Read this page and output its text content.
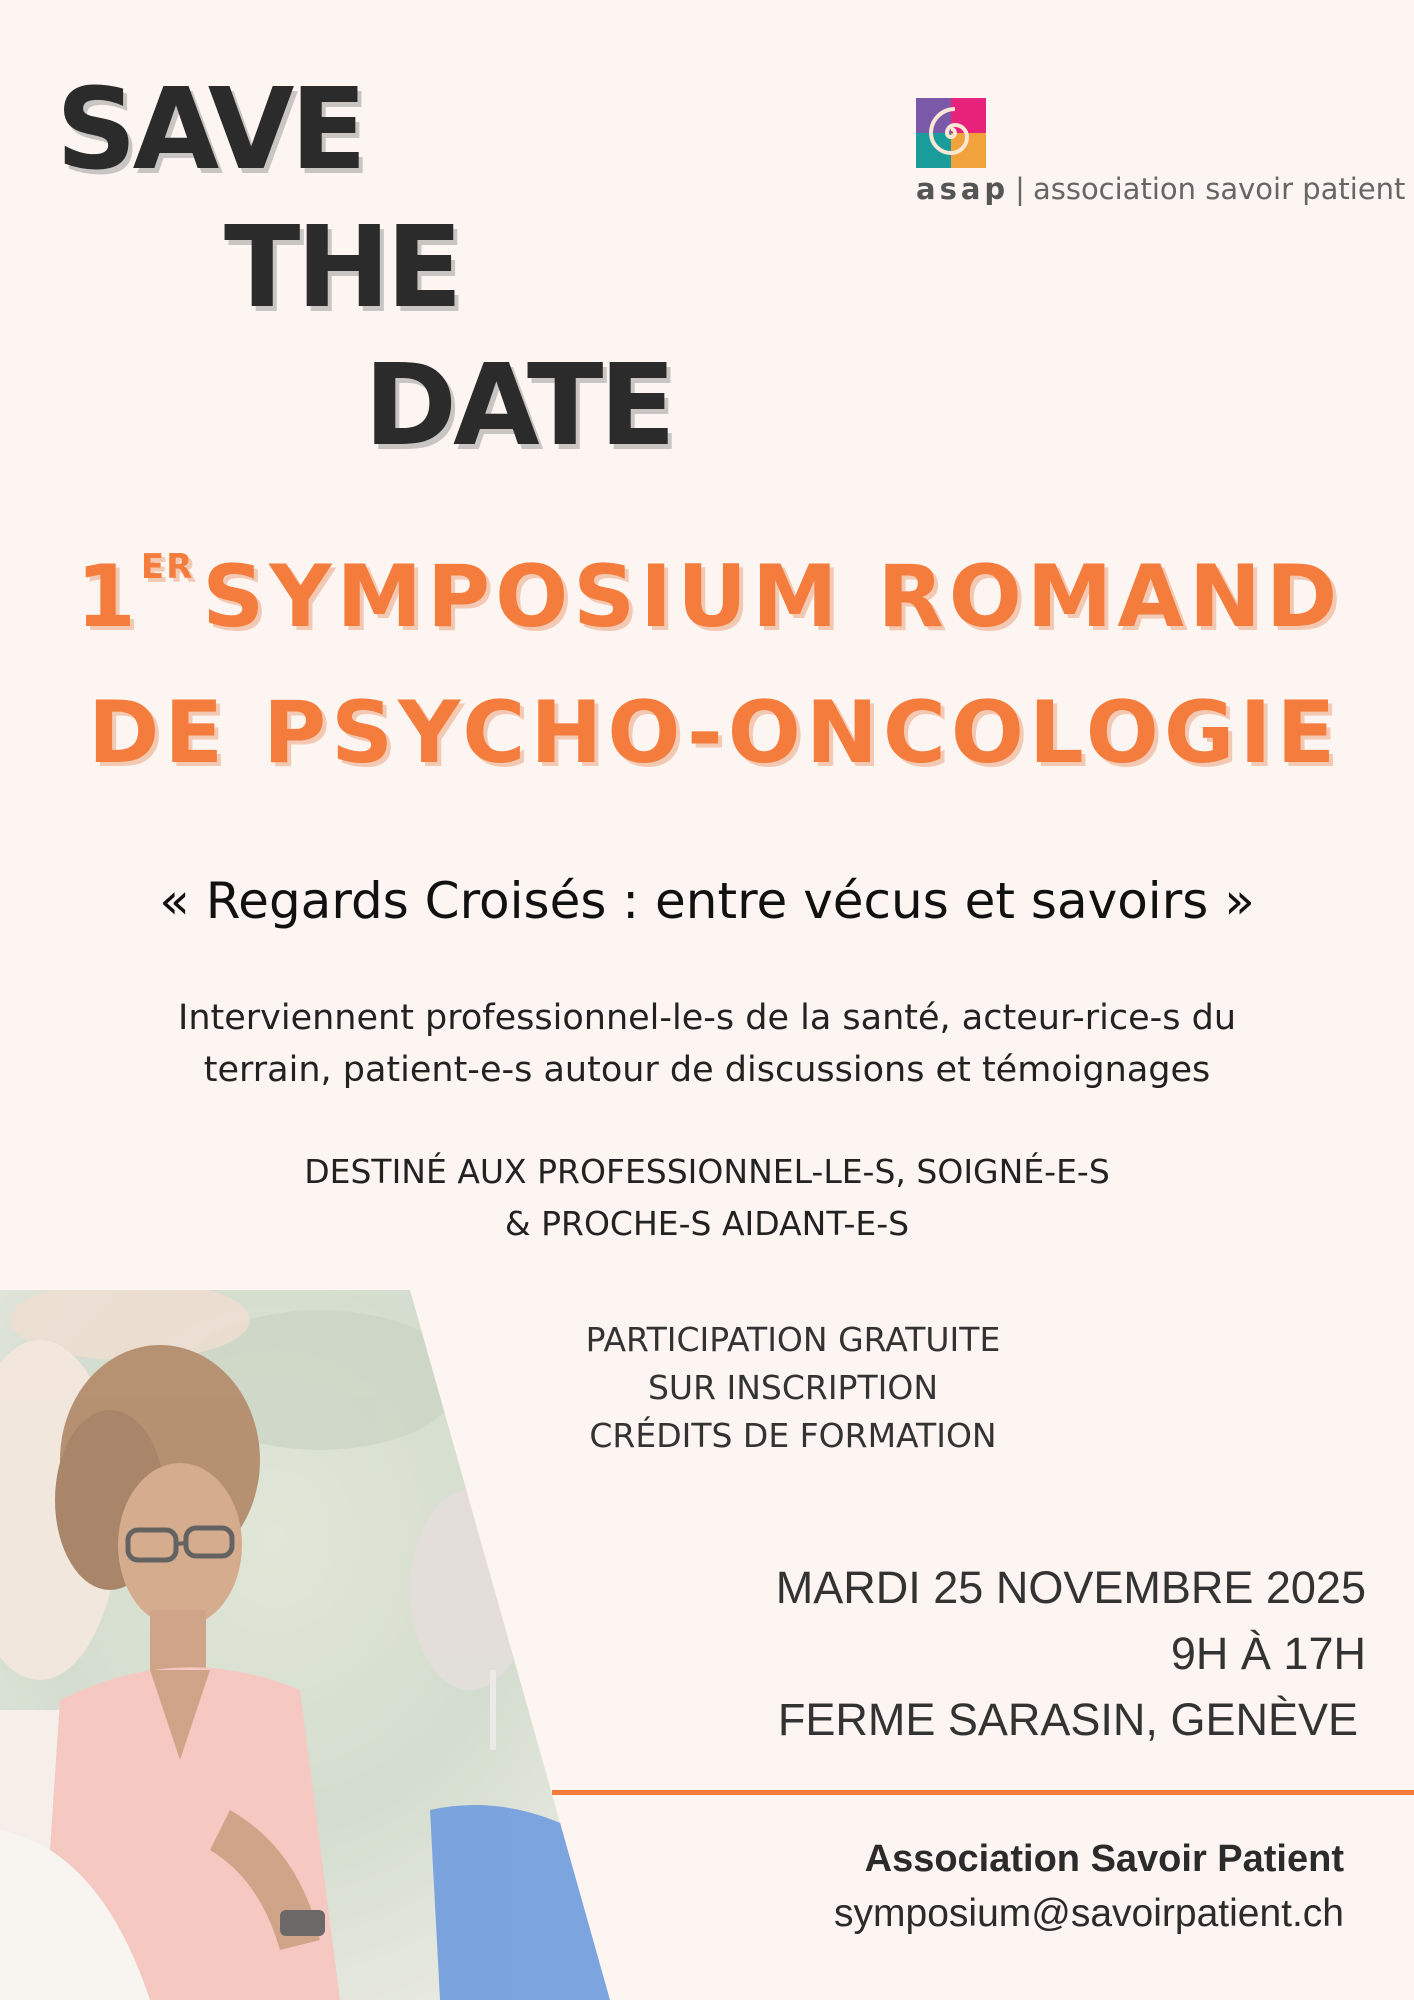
SAVE
THE
DATE
asap | association savoir patient
1ERSYMPOSIUM ROMAND
DE PSYCHO-ONCOLOGIE
« Regards Croisés : entre vécus et savoirs »
Interviennent professionnel-le-s de la santé, acteur-rice-s du
terrain, patient-e-s autour de discussions et témoignages
DESTINÉ AUX PROFESSIONNEL-LE-S, SOIGNÉ-E-S
& PROCHE-S AIDANT-E-S
PARTICIPATION GRATUITE
SUR INSCRIPTION
CRÉDITS DE FORMATION
MARDI 25 NOVEMBRE 2025
9H À 17H
FERME SARASIN, GENÈVE
Association Savoir Patient
symposium@savoirpatient.ch
